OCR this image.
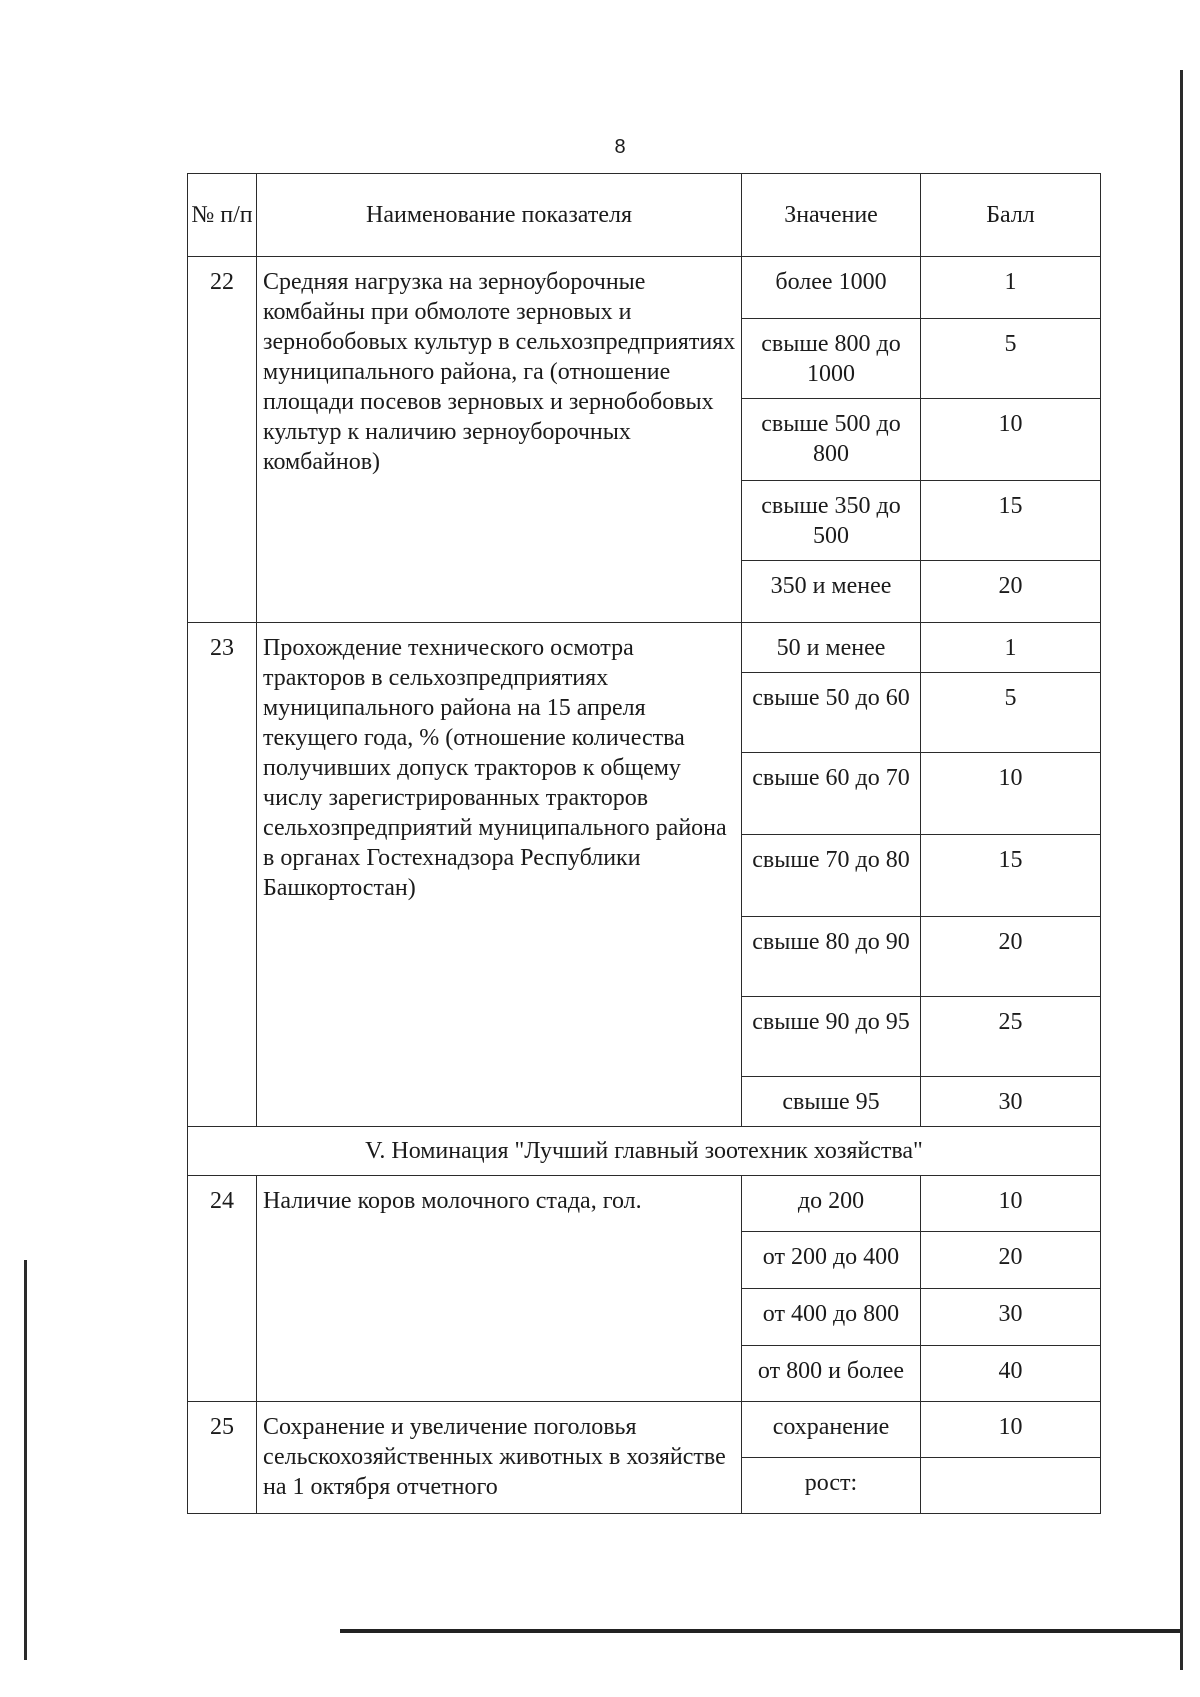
8
№ п/п	Наименование показателя	Значение	Балл
22	Средняя нагрузка на зерноуборочные комбайны при обмолоте зерновых и зернобобовых культур в сельхозпредприятиях муниципального района, га (отношение площади посевов зерновых и зернобобовых культур к наличию зерноуборочных комбайнов)	более 1000	1
		свыше 800 до 1000	5
		свыше 500 до 800	10
		свыше 350 до 500	15
		350 и менее	20
23	Прохождение технического осмотра тракторов в сельхозпредприятиях муниципального района на 15 апреля текущего года, % (отношение количества получивших допуск тракторов к общему числу зарегистрированных тракторов сельхозпредприятий муниципального района в органах Гостехнадзора Республики Башкортостан)	50 и менее	1
		свыше 50 до 60	5
		свыше 60 до 70	10
		свыше 70 до 80	15
		свыше 80 до 90	20
		свыше 90 до 95	25
		свыше 95	30
V. Номинация "Лучший главный зоотехник хозяйства"			
24	Наличие коров молочного стада, гол.	до 200	10
		от 200 до 400	20
		от 400 до 800	30
		от 800 и более	40
25	Сохранение и увеличение поголовья сельскохозяйственных животных в хозяйстве на 1 октября отчетного	сохранение	10
		рост:	
